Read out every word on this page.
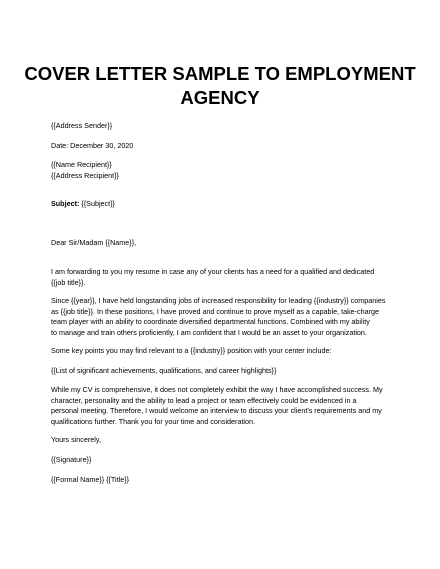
COVER LETTER SAMPLE TO EMPLOYMENT
AGENCY
{{Address Sender}}
Date: December 30, 2020
{{Name Recipient}}
{{Address Recipient}}
Subject: {{Subject}}
Dear Sir/Madam {{Name}},
I am forwarding to you my resume in case any of your clients has a need for a qualified and dedicated
{{job title}}.
Since {{year}}, I have held longstanding jobs of increased responsibility for leading {{industry}} companies
as {{job title}}. In these positions, I have proved and continue to prove myself as a capable, take-charge
team player with an ability to coordinate diversified departmental functions. Combined with my ability
to manage and train others proficiently, I am confident that I would be an asset to your organization.
Some key points you may find relevant to a {{industry}} position with your center include:
{{List of significant achievements, qualifications, and career highlights}}
While my CV is comprehensive, it does not completely exhibit the way I have accomplished success. My
character, personality and the ability to lead a project or team effectively could be evidenced in a
personal meeting. Therefore, I would welcome an interview to discuss your client's requirements and my
qualifications further. Thank you for your time and consideration.
Yours sincerely,
{{Signature}}
{{Formal Name}} {{Title}}
